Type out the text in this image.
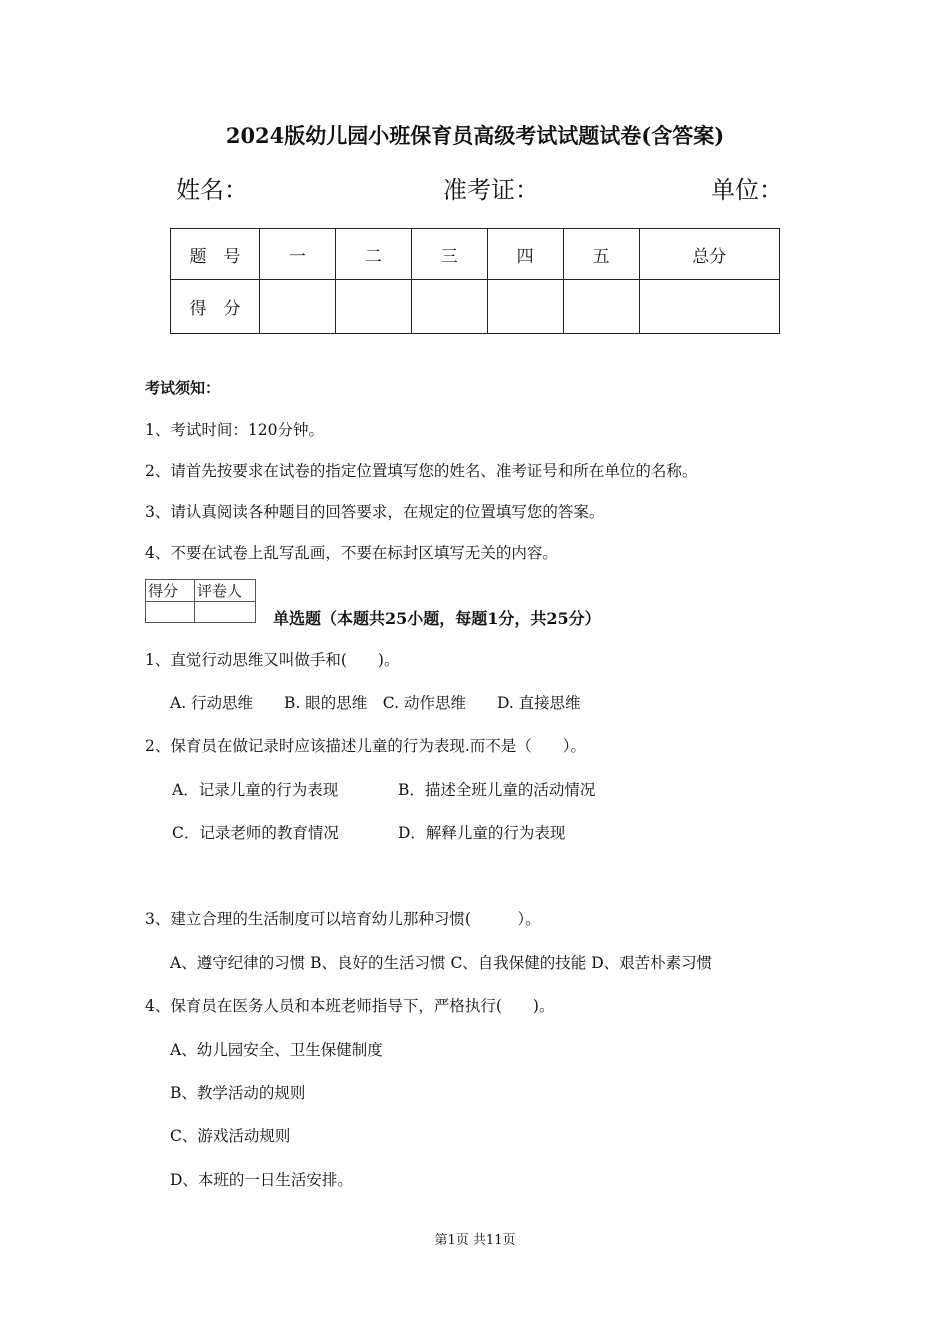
2024版幼儿园小班保育员高级考试试题试卷(含答案)
姓名：	准考证：	单位：
题　号	一	二	三	四	五	总分
得　分						
考试须知：
1、考试时间：120分钟。
2、请首先按要求在试卷的指定位置填写您的姓名、准考证号和所在单位的名称。
3、请认真阅读各种题目的回答要求，在规定的位置填写您的答案。
4、不要在试卷上乱写乱画，不要在标封区填写无关的内容。
得分	评卷人

单选题（本题共25小题，每题1分，共25分）
1、直觉行动思维又叫做手和(　　)。
A. 行动思维　　B. 眼的思维　C. 动作思维　　D. 直接思维
2、保育员在做记录时应该描述儿童的行为表现.而不是（　　）。
A．记录儿童的行为表现	B．描述全班儿童的活动情况
C．记录老师的教育情况	D．解释儿童的行为表现
3、建立合理的生活制度可以培育幼儿那种习惯(　　　）。
A、遵守纪律的习惯 B、良好的生活习惯 C、自我保健的技能 D、艰苦朴素习惯
4、保育员在医务人员和本班老师指导下，严格执行(　　)。
A、幼儿园安全、卫生保健制度
B、教学活动的规则
C、游戏活动规则
D、本班的一日生活安排。
第1页 共11页
